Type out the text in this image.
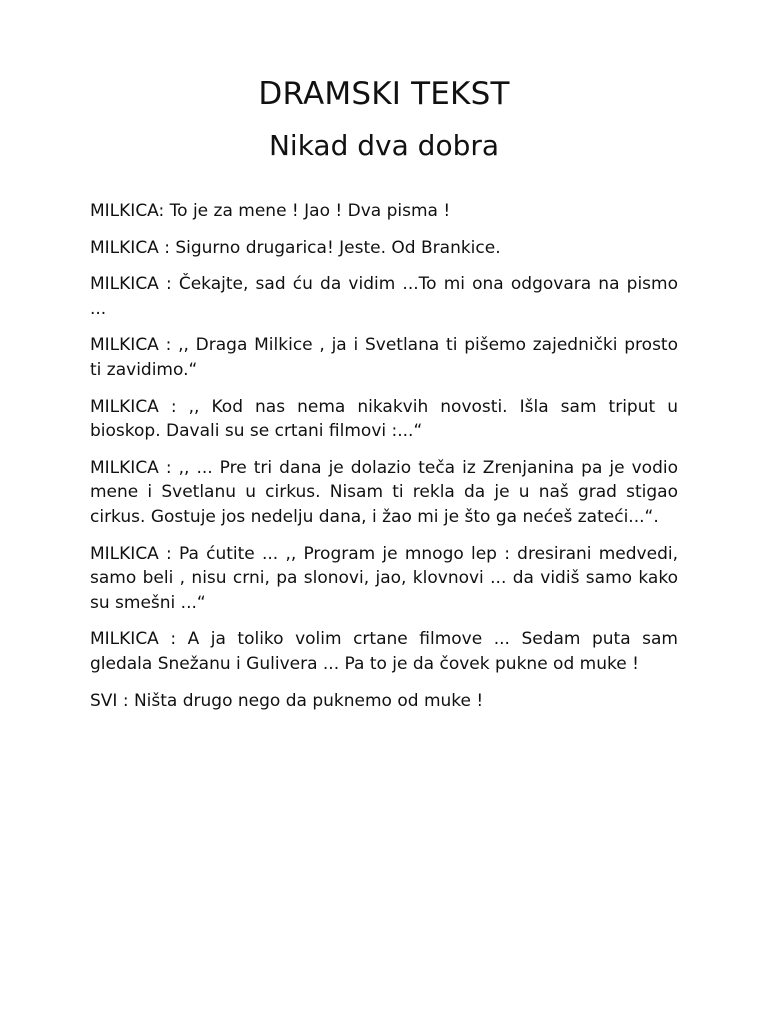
DRAMSKI TEKST
Nikad dva dobra

MILKICA: To je za mene ! Jao ! Dva pisma !

MILKICA : Sigurno drugarica! Jeste. Od Brankice.

MILKICA : Čekajte, sad ću da vidim ...To mi ona odgovara na pismo ...

MILKICA : ,, Draga Milkice , ja i Svetlana ti pišemo zajednički prosto ti zavidimo.“

MILKICA : ,, Kod nas nema nikakvih novosti. Išla sam triput u bioskop. Davali su se crtani filmovi :...“

MILKICA : ,, ... Pre tri dana je dolazio teča iz Zrenjanina pa je vodio mene i Svetlanu u cirkus. Nisam ti rekla da je u naš grad stigao cirkus. Gostuje jos nedelju dana, i žao mi je što ga nećeš zateći...“.

MILKICA : Pa ćutite ... ,, Program je mnogo lep : dresirani medvedi, samo beli , nisu crni, pa slonovi, jao, klovnovi ... da vidiš samo kako su smešni ...“

MILKICA : A ja toliko volim crtane filmove ... Sedam puta sam gledala Snežanu i Gulivera ... Pa to je da čovek pukne od muke !

SVI : Ništa drugo nego da puknemo od muke !
